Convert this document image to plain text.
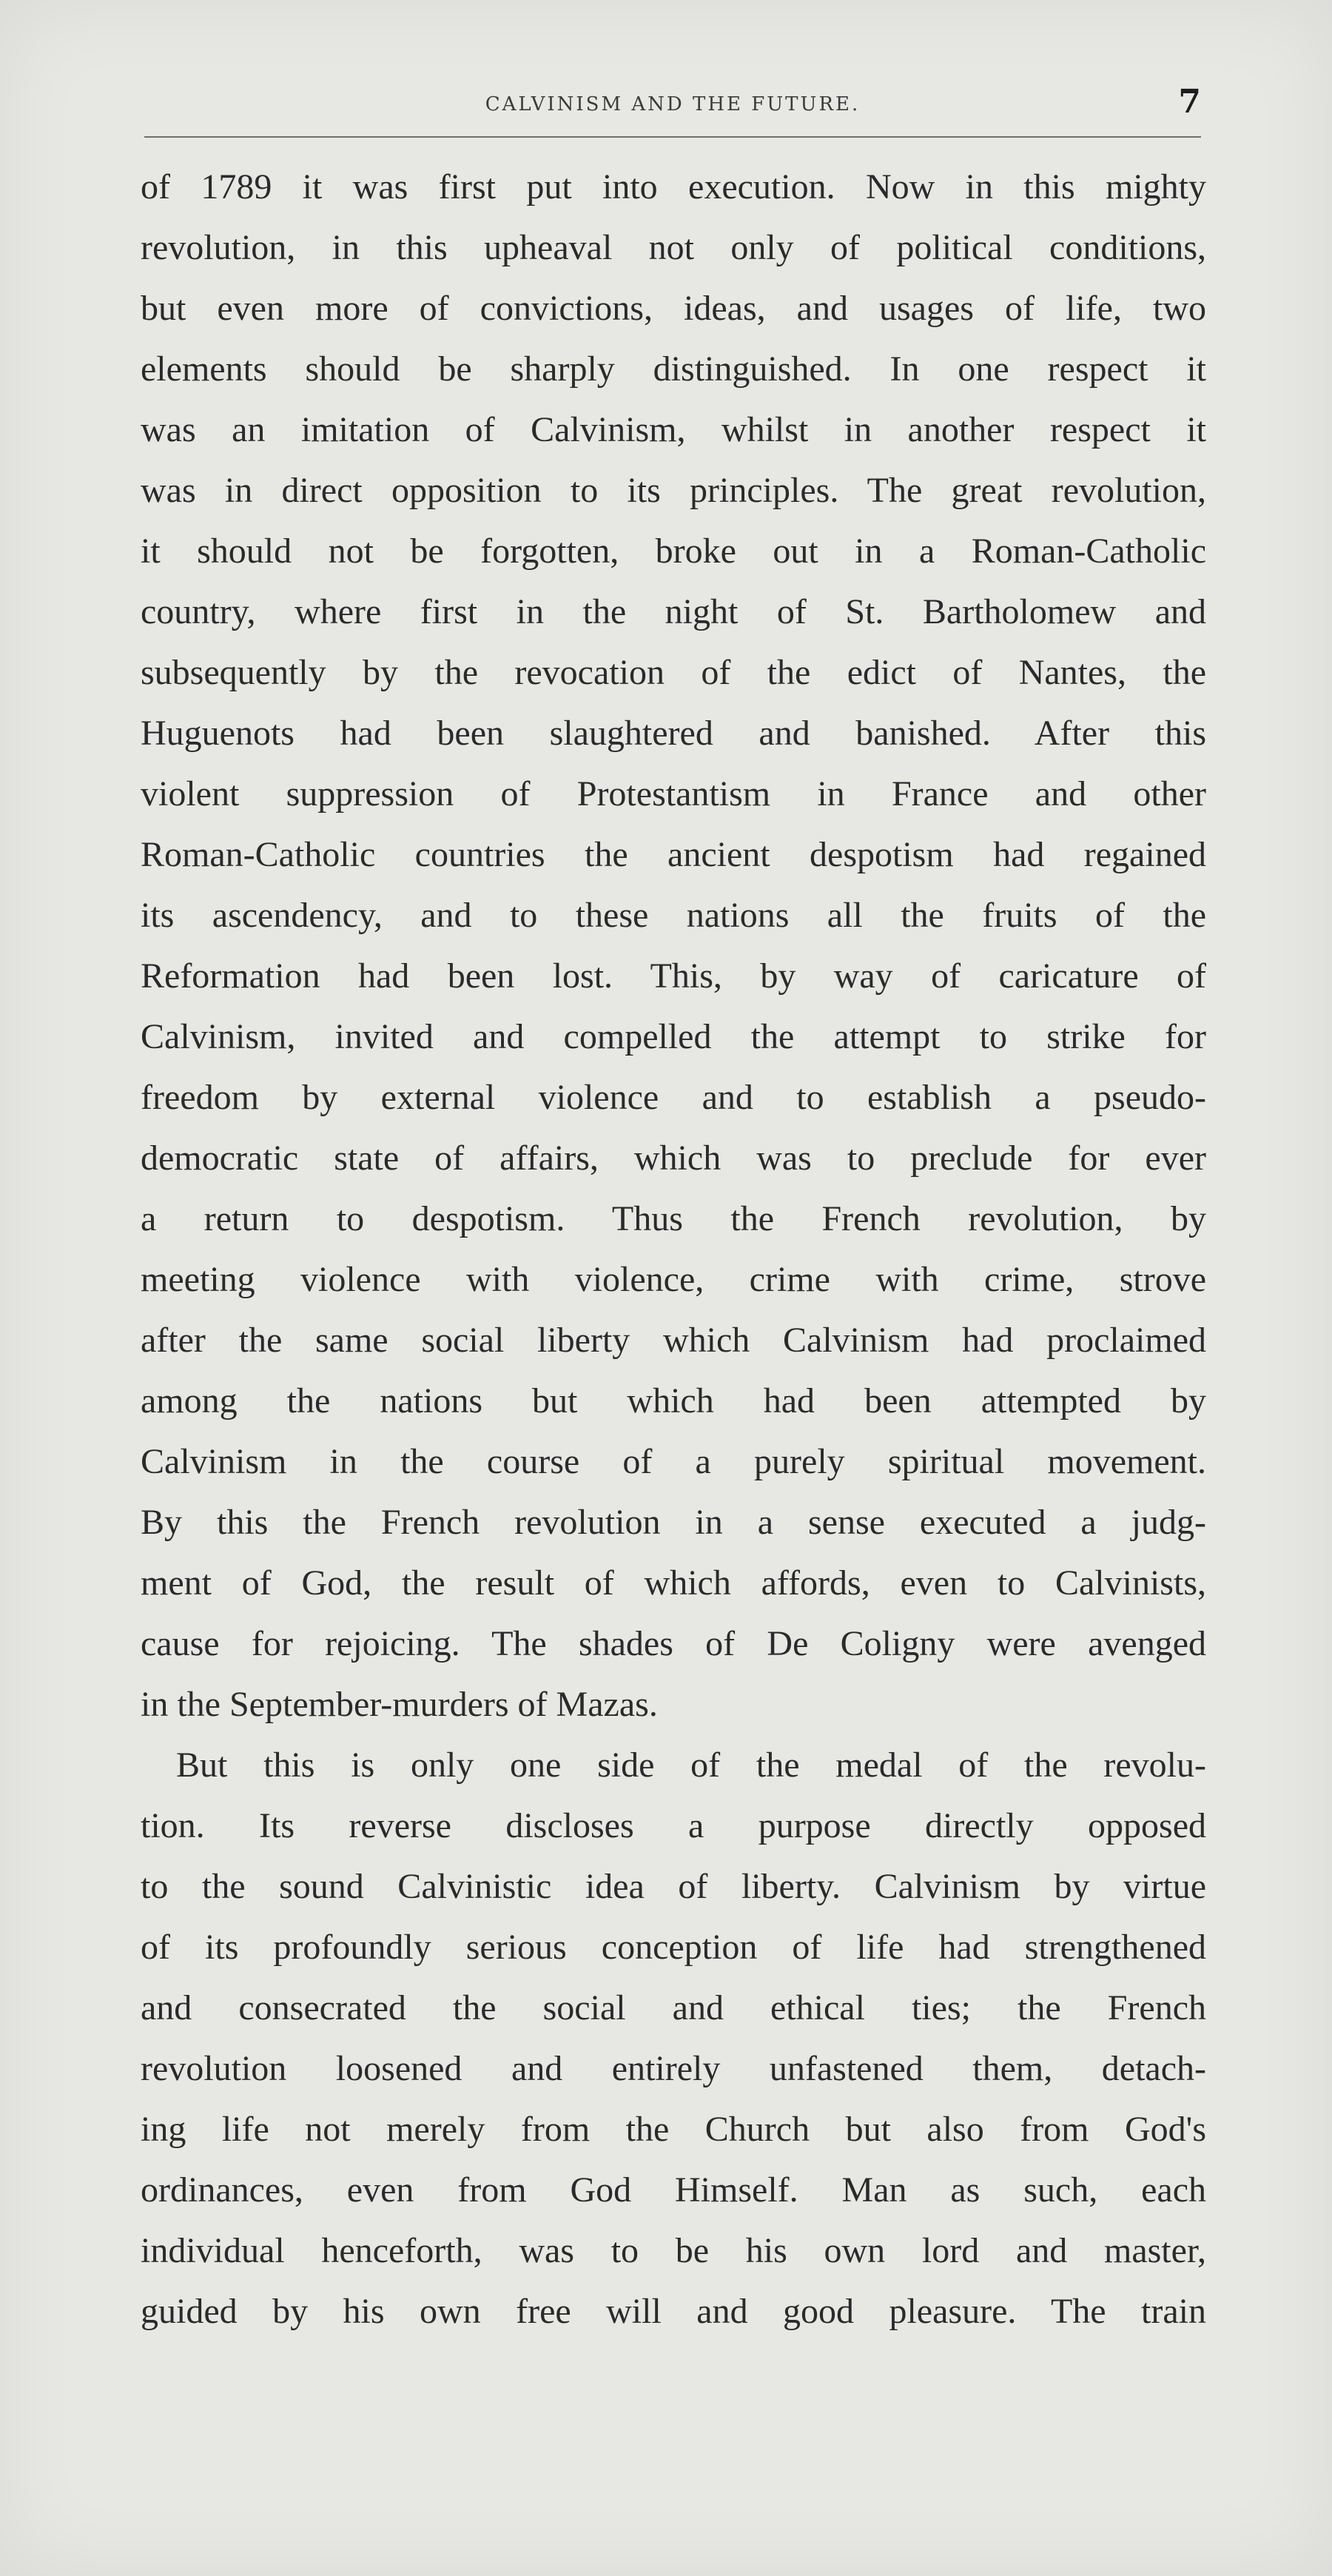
CALVINISM AND THE FUTURE.	7
of 1789 it was first put into execution. Now in this mighty
revolution, in this upheaval not only of political conditions,
but even more of convictions, ideas, and usages of life, two
elements should be sharply distinguished. In one respect it
was an imitation of Calvinism, whilst in another respect it
was in direct opposition to its principles. The great revolution,
it should not be forgotten, broke out in a Roman-Catholic
country, where first in the night of St. Bartholomew and
subsequently by the revocation of the edict of Nantes, the
Huguenots had been slaughtered and banished. After this
violent suppression of Protestantism in France and other
Roman-Catholic countries the ancient despotism had regained
its ascendency, and to these nations all the fruits of the
Reformation had been lost. This, by way of caricature of
Calvinism, invited and compelled the attempt to strike for
freedom by external violence and to establish a pseudo-
democratic state of affairs, which was to preclude for ever
a return to despotism. Thus the French revolution, by
meeting violence with violence, crime with crime, strove
after the same social liberty which Calvinism had proclaimed
among the nations but which had been attempted by
Calvinism in the course of a purely spiritual movement.
By this the French revolution in a sense executed a judg-
ment of God, the result of which affords, even to Calvinists,
cause for rejoicing. The shades of De Coligny were avenged
in the September-murders of Mazas.
But this is only one side of the medal of the revolu-
tion. Its reverse discloses a purpose directly opposed
to the sound Calvinistic idea of liberty. Calvinism by virtue
of its profoundly serious conception of life had strengthened
and consecrated the social and ethical ties; the French
revolution loosened and entirely unfastened them, detach-
ing life not merely from the Church but also from God's
ordinances, even from God Himself. Man as such, each
individual henceforth, was to be his own lord and master,
guided by his own free will and good pleasure. The train
